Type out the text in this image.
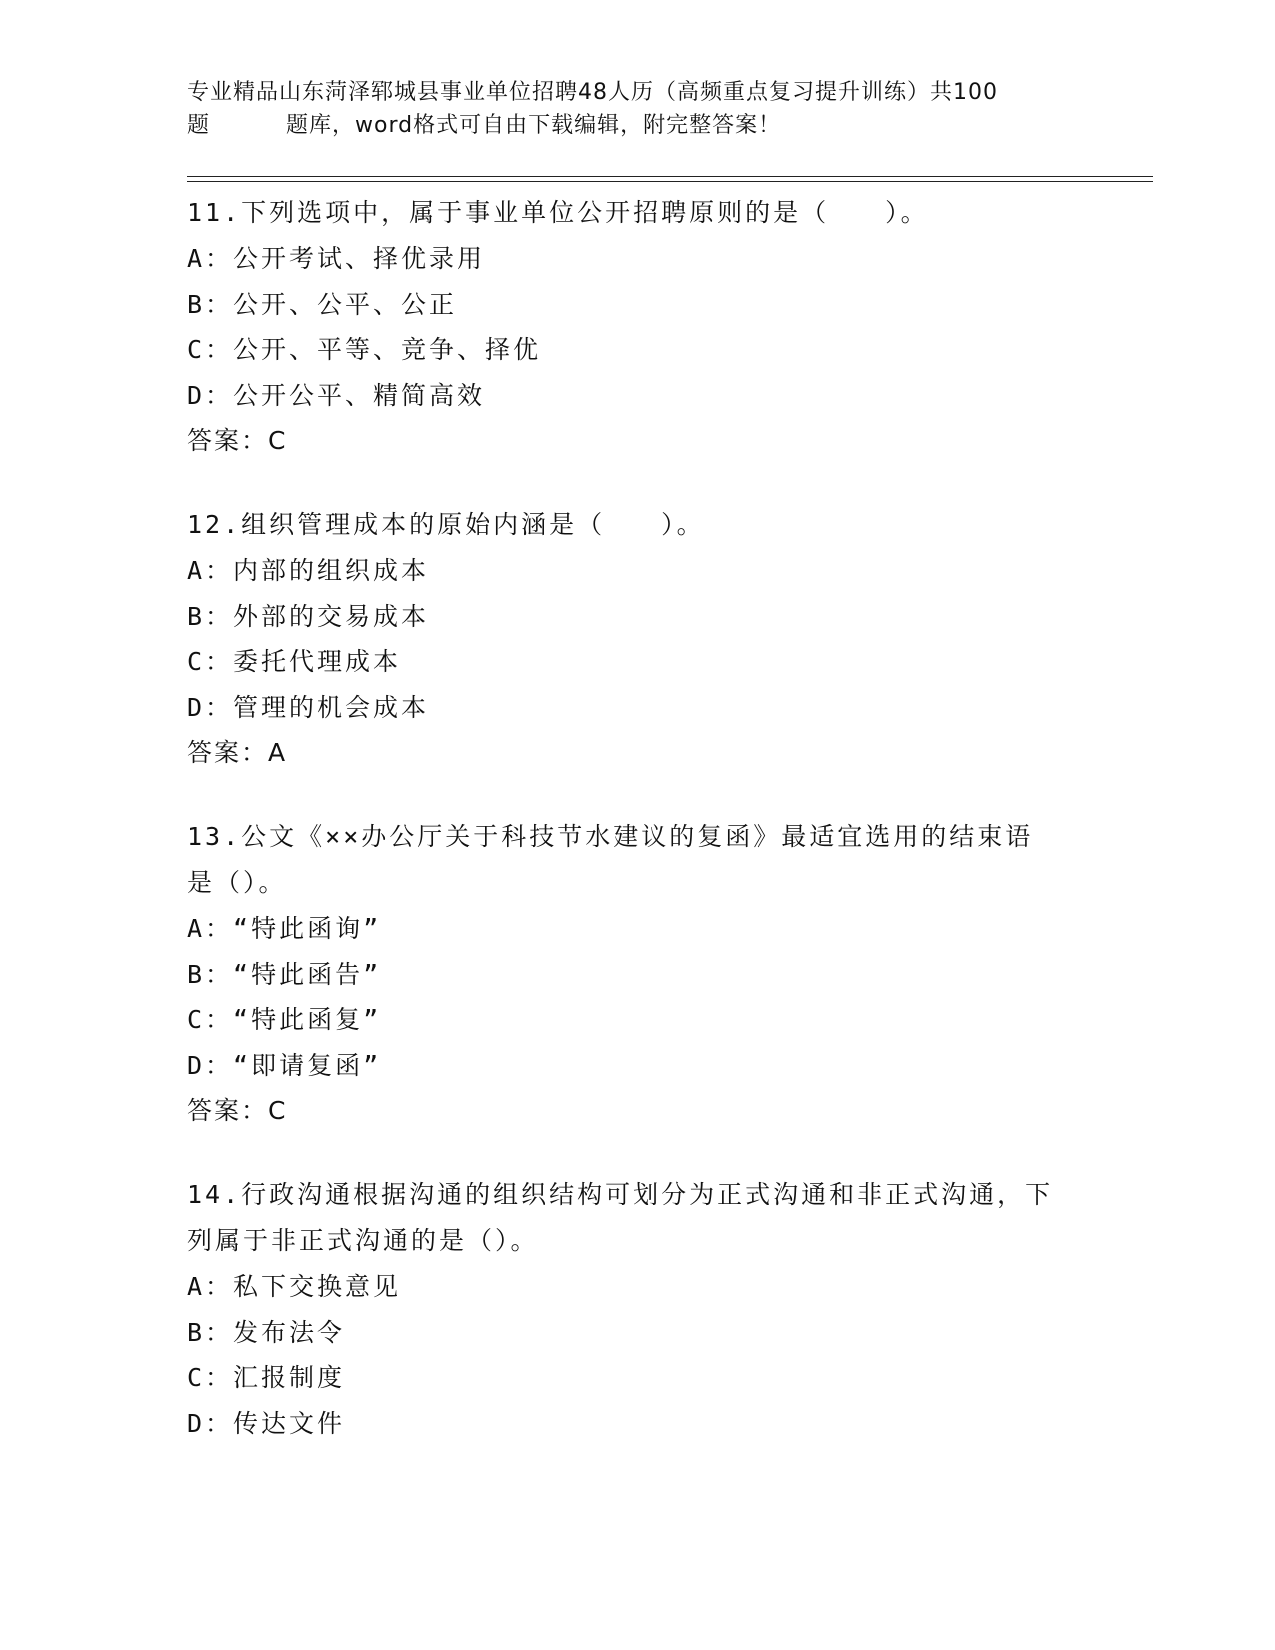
专业精品山东菏泽郓城县事业单位招聘48人历（高频重点复习提升训练）共100
题	题库，word格式可自由下载编辑，附完整答案！
11.下列选项中，属于事业单位公开招聘原则的是（　　）。
A：公开考试、择优录用
B：公开、公平、公正
C：公开、平等、竞争、择优
D：公开公平、精简高效
答案：C
12.组织管理成本的原始内涵是（　　）。
A：内部的组织成本
B：外部的交易成本
C：委托代理成本
D：管理的机会成本
答案：A
13.公文《××办公厅关于科技节水建议的复函》最适宜选用的结束语
是（）。
A：“特此函询”
B：“特此函告”
C：“特此函复”
D：“即请复函”
答案：C
14.行政沟通根据沟通的组织结构可划分为正式沟通和非正式沟通，下
列属于非正式沟通的是（）。
A：私下交换意见
B：发布法令
C：汇报制度
D：传达文件
